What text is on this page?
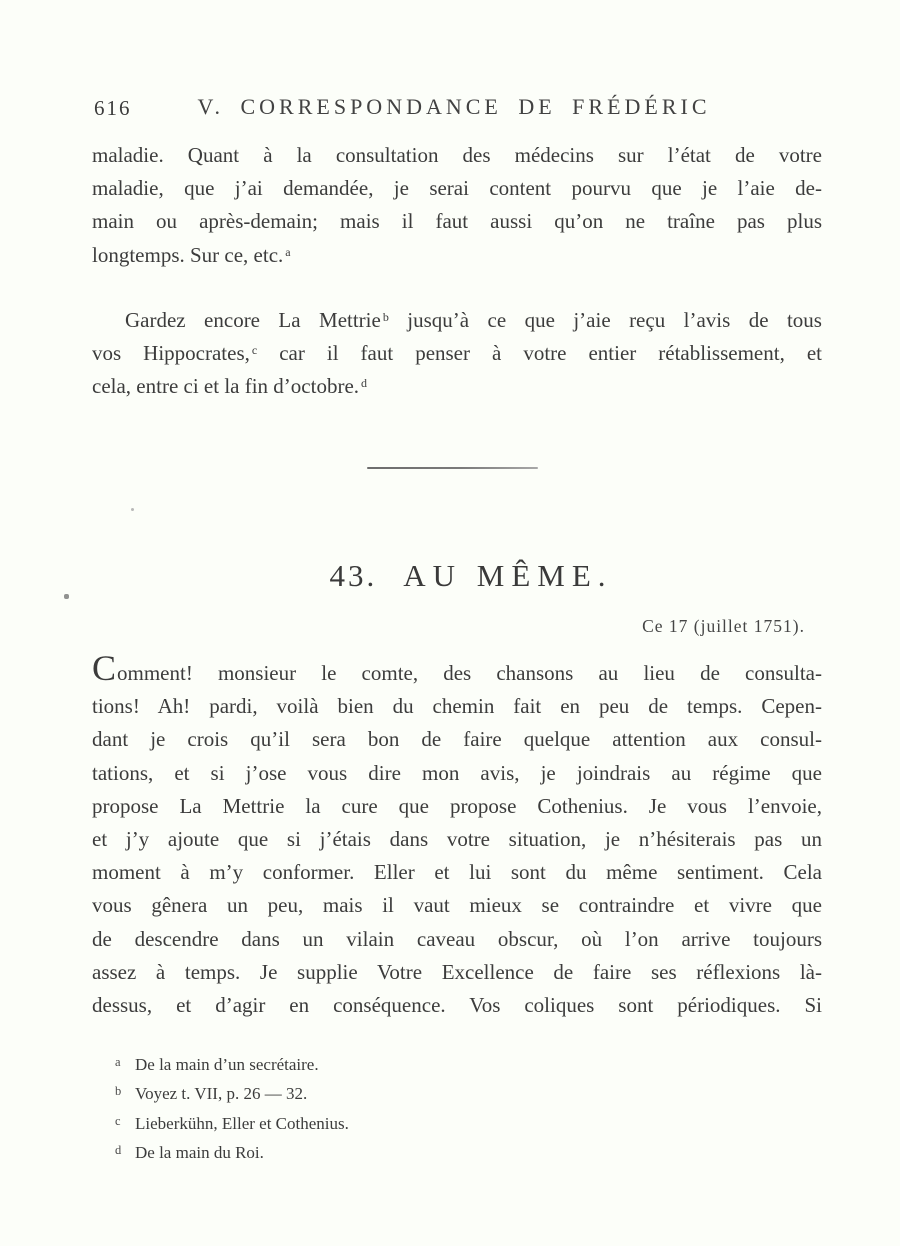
616	V. CORRESPONDANCE DE FRÉDÉRIC
maladie. Quant à la consultation des médecins sur l’état de votre
maladie, que j’ai demandée, je serai content pourvu que je l’aie de-
main ou après-demain; mais il faut aussi qu’on ne traîne pas plus
longtemps. Sur ce, etc. $^a$
Gardez encore La Mettrie $^b$ jusqu’à ce que j’aie reçu l’avis de tous
vos Hippocrates, $^c$ car il faut penser à votre entier rétablissement, et
cela, entre ci et la fin d’octobre. $^d$
43. AU MÊME.
Ce 17 (juillet 1751).
Comment! monsieur le comte, des chansons au lieu de consulta-
tions! Ah! pardi, voilà bien du chemin fait en peu de temps. Cepen-
dant je crois qu’il sera bon de faire quelque attention aux consul-
tations, et si j’ose vous dire mon avis, je joindrais au régime que
propose La Mettrie la cure que propose Cothenius. Je vous l’envoie,
et j’y ajoute que si j’étais dans votre situation, je n’hésiterais pas un
moment à m’y conformer. Eller et lui sont du même sentiment. Cela
vous gênera un peu, mais il vaut mieux se contraindre et vivre que
de descendre dans un vilain caveau obscur, où l’on arrive toujours
assez à temps. Je supplie Votre Excellence de faire ses réflexions là-
dessus, et d’agir en conséquence. Vos coliques sont périodiques. Si
a De la main d’un secrétaire.
b Voyez t. VII, p. 26 — 32.
c Lieberkühn, Eller et Cothenius.
d De la main du Roi.
